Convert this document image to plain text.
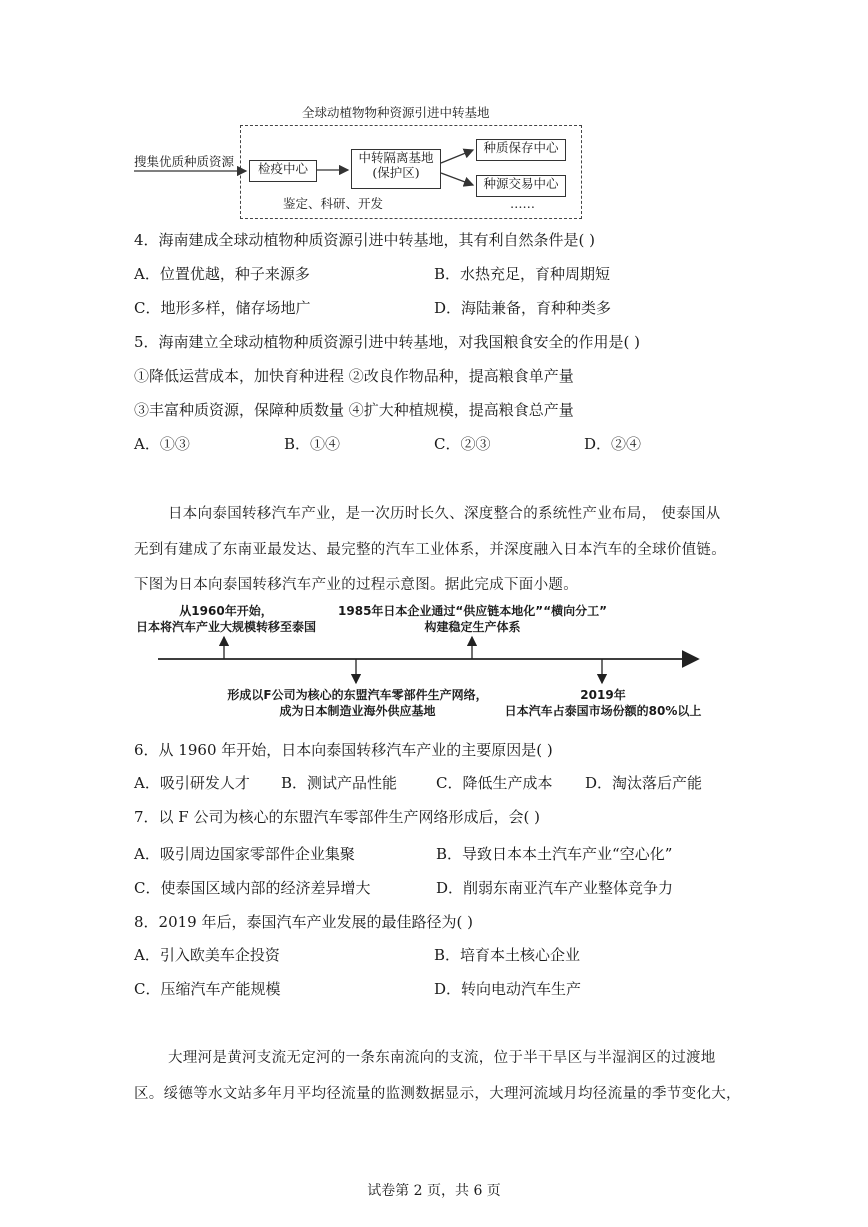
全球动植物物种资源引进中转基地
搜集优质种质资源	检疫中心
中转隔离基地
(保护区)
种质保存中心
种源交易中心
鉴定、科研、开发	……
4．海南建成全球动植物种质资源引进中转基地，其有利自然条件是( )
A．位置优越，种子来源多	B．水热充足，育种周期短
C．地形多样，储存场地广	D．海陆兼备，育种种类多
5．海南建立全球动植物种质资源引进中转基地，对我国粮食安全的作用是( )
①降低运营成本，加快育种进程 ②改良作物品种，提高粮食单产量
③丰富种质资源，保障种质数量 ④扩大种植规模，提高粮食总产量
A．①③	B．①④	C．②③	D．②④
日本向泰国转移汽车产业，是一次历时长久、深度整合的系统性产业布局， 使泰国从
无到有建成了东南亚最发达、最完整的汽车工业体系，并深度融入日本汽车的全球价值链。
下图为日本向泰国转移汽车产业的过程示意图。据此完成下面小题。
从1960年开始，
日本将汽车产业大规模转移至泰国
1985年日本企业通过“供应链本地化”“横向分工”
构建稳定生产体系
形成以F公司为核心的东盟汽车零部件生产网络，
成为日本制造业海外供应基地
2019年
日本汽车占泰国市场份额的80%以上
6．从 1960 年开始，日本向泰国转移汽车产业的主要原因是( )
A．吸引研发人才 B．测试产品性能	C．降低生产成本 D．淘汰落后产能
7．以 F 公司为核心的东盟汽车零部件生产网络形成后，会( )
A．吸引周边国家零部件企业集聚	B．导致日本本土汽车产业“空心化”
C．使泰国区域内部的经济差异增大	D．削弱东南亚汽车产业整体竞争力
8．2019 年后，泰国汽车产业发展的最佳路径为( )
A．引入欧美车企投资	B．培育本土核心企业
C．压缩汽车产能规模	D．转向电动汽车生产
大理河是黄河支流无定河的一条东南流向的支流，位于半干旱区与半湿润区的过渡地
区。绥德等水文站多年月平均径流量的监测数据显示，大理河流域月均径流量的季节变化大，
试卷第 2 页，共 6 页
